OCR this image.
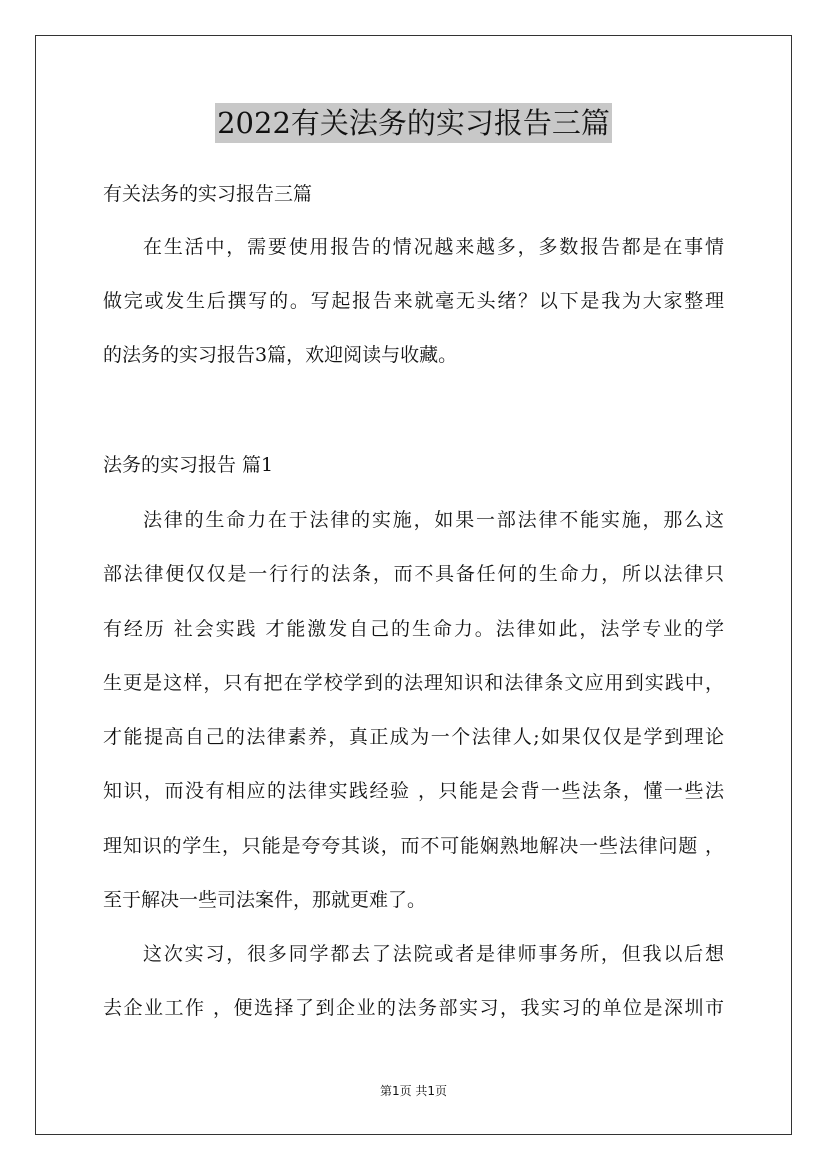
2022有关法务的实习报告三篇
有关法务的实习报告三篇
在生活中，需要使用报告的情况越来越多，多数报告都是在事情
做完或发生后撰写的。写起报告来就毫无头绪？以下是我为大家整理
的法务的实习报告3篇，欢迎阅读与收藏。
法务的实习报告 篇1
法律的生命力在于法律的实施，如果一部法律不能实施，那么这
部法律便仅仅是一行行的法条，而不具备任何的生命力，所以法律只
有经历 社会实践 才能激发自己的生命力。法律如此，法学专业的学
生更是这样，只有把在学校学到的法理知识和法律条文应用到实践中，
才能提高自己的法律素养，真正成为一个法律人;如果仅仅是学到理论
知识，而没有相应的法律实践经验 ，只能是会背一些法条，懂一些法
理知识的学生，只能是夸夸其谈，而不可能娴熟地解决一些法律问题 ，
至于解决一些司法案件，那就更难了。
这次实习，很多同学都去了法院或者是律师事务所，但我以后想
去企业工作 ，便选择了到企业的法务部实习，我实习的单位是深圳市
第1页 共1页
